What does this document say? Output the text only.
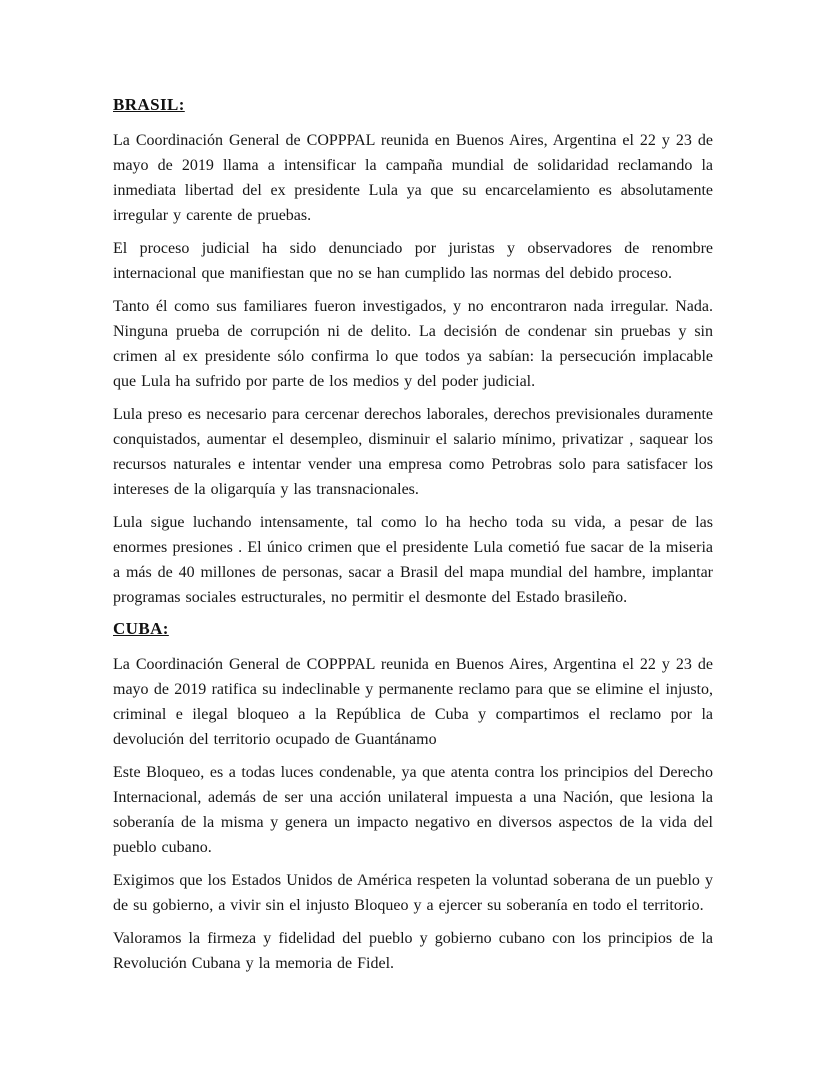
BRASIL:

La Coordinación General de COPPPAL reunida en Buenos Aires, Argentina el 22 y 23 de mayo de 2019 llama a intensificar la campaña mundial de solidaridad reclamando la inmediata libertad del ex presidente Lula ya que su encarcelamiento es absolutamente irregular y carente de pruebas.

El proceso judicial ha sido denunciado por juristas y observadores de renombre internacional que manifiestan que no se han cumplido las normas del debido proceso.

Tanto él como sus familiares fueron investigados, y no encontraron nada irregular. Nada. Ninguna prueba de corrupción ni de delito. La decisión de condenar sin pruebas y sin crimen al ex presidente sólo confirma lo que todos ya sabían: la persecución implacable que Lula ha sufrido por parte de los medios y del poder judicial.

Lula preso es necesario para cercenar derechos laborales, derechos previsionales duramente conquistados, aumentar el desempleo, disminuir el salario mínimo, privatizar , saquear los recursos naturales e intentar vender una empresa como Petrobras solo para satisfacer los intereses de la oligarquía y las transnacionales.

Lula sigue luchando intensamente, tal como lo ha hecho toda su vida, a pesar de las enormes presiones . El único crimen que el presidente Lula cometió fue sacar de la miseria a más de 40 millones de personas, sacar a Brasil del mapa mundial del hambre, implantar programas sociales estructurales, no permitir el desmonte del Estado brasileño.

CUBA:

La Coordinación General de COPPPAL reunida en Buenos Aires, Argentina el 22 y 23 de mayo de 2019 ratifica su indeclinable y permanente reclamo para que se elimine el injusto, criminal e ilegal bloqueo a la República de Cuba y compartimos el reclamo por la devolución del territorio ocupado de Guantánamo

Este Bloqueo, es a todas luces condenable, ya que atenta contra los principios del Derecho Internacional, además de ser una acción unilateral impuesta a una Nación, que lesiona la soberanía de la misma y genera un impacto negativo en diversos aspectos de la vida del pueblo cubano.

Exigimos que los Estados Unidos de América respeten la voluntad soberana de un pueblo y de su gobierno, a vivir sin el injusto Bloqueo y a ejercer su soberanía en todo el territorio.

Valoramos la firmeza y fidelidad del pueblo y gobierno cubano con los principios de la Revolución Cubana y la memoria de Fidel.
